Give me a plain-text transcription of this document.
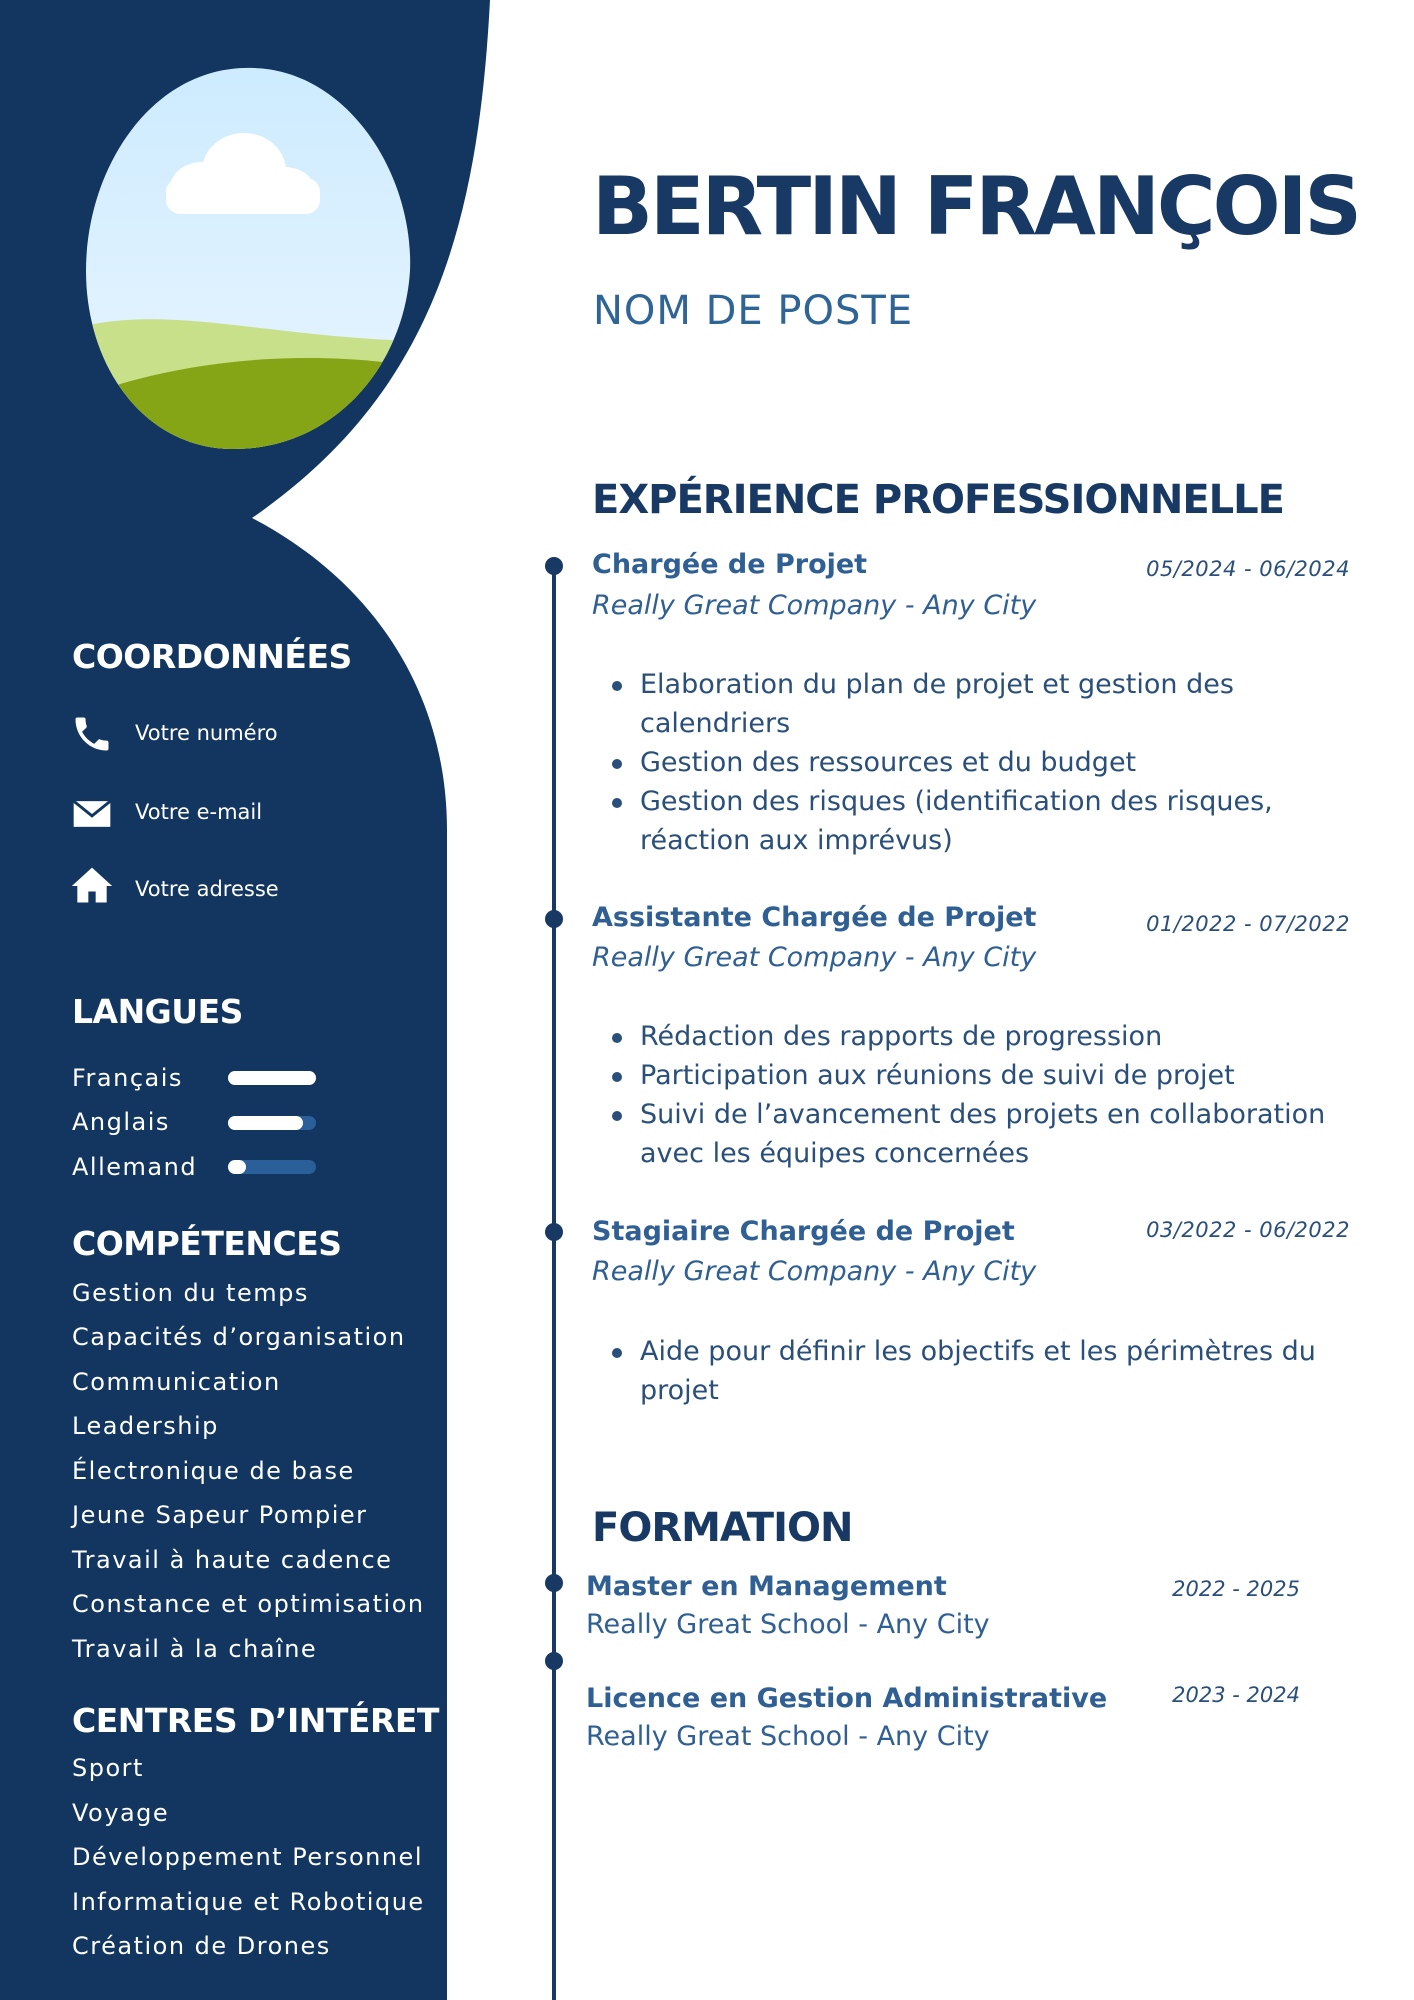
COORDONNÉES
Votre numéro
Votre e-mail
Votre adresse
LANGUES
Français
Anglais
Allemand
COMPÉTENCES
Gestion du temps
Capacités d’organisation
Communication
Leadership
Électronique de base
Jeune Sapeur Pompier
Travail à haute cadence
Constance et optimisation
Travail à la chaîne
CENTRES D’INTÉRET
Sport
Voyage
Développement Personnel
Informatique et Robotique
Création de Drones
BERTIN FRANÇOIS
NOM DE POSTE
EXPÉRIENCE PROFESSIONNELLE
Chargée de Projet	05/2024 - 06/2024
Really Great Company - Any City
Elaboration du plan de projet et gestion des calendriers
Gestion des ressources et du budget
Gestion des risques (identification des risques, réaction aux imprévus)
Assistante Chargée de Projet	01/2022 - 07/2022
Really Great Company - Any City
Rédaction des rapports de progression
Participation aux réunions de suivi de projet
Suivi de l’avancement des projets en collaboration avec les équipes concernées
Stagiaire Chargée de Projet	03/2022 - 06/2022
Really Great Company - Any City
Aide pour définir les objectifs et les périmètres du projet
FORMATION
Master en Management	2022 - 2025
Really Great School - Any City
Licence en Gestion Administrative	2023 - 2024
Really Great School - Any City
